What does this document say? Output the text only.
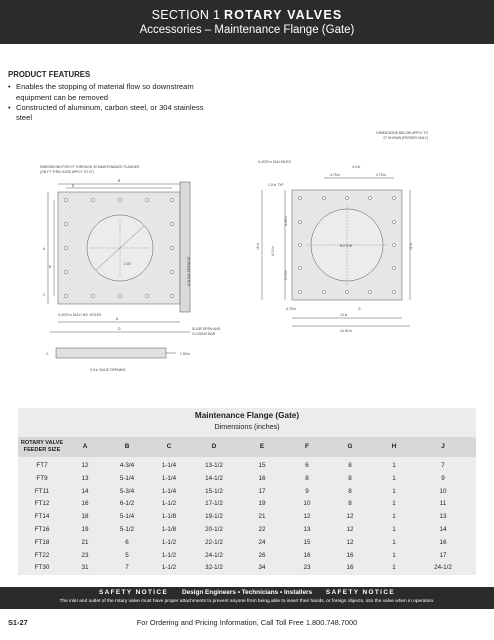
SECTION 1 ROTARY VALVES
Accessories – Maintenance Flange (Gate)
PRODUCT FEATURES
• Enables the stopping of material flow so downstream equipment can be removed
• Constructed of aluminum, carbon steel, or 304 stainless steel
DIMENSIONS BELOW APPLY TO
07 SHOWN (FEEDER ONLY)
DIMENSIONS FOR 07 THROUGH 30 MAINTENANCE FLANGES
(ON FT THRU 4/420 APPLY TO 07)
0.4375 in DIA HOLES
2.00
E
B
A
B
C
A SLIDE OPENING
0.4375 in DIA H NO. HOLES
A
D	SLIDE OPEN AND
CLOSING BAR
1.50 in
C
0.5 in SLIDE OPENING
ROTOR
3.75 in
4.0 in
3.75 in
1.0 in TYP
4.26 in
4.00 in
3.75 in
16 in	12 in
6.75 in	G
13 in
14.50 in
Maintenance Flange (Gate)
Dimensions (inches)
ROTARY VALVE
FEEDER SIZE	A	B	C	D	E	F	G	H	J
FT7	12	4-3/4	1-1/4	13-1/2	15	6	8	1	7
FT9	13	5-1/4	1-1/4	14-1/2	16	8	8	1	9
FT11	14	5-3/4	1-1/4	15-1/2	17	9	8	1	10
FT12	16	6-1/2	1-1/2	17-1/2	19	10	8	1	11
FT14	18	5-1/4	1-1/8	19-1/2	21	12	12	1	13
FT16	19	5-1/2	1-1/8	20-1/2	22	13	12	1	14
FT18	21	6	1-1/2	22-1/2	24	15	12	1	16
FT22	23	5	1-1/2	24-1/2	26	16	16	1	17
FT30	31	7	1-1/2	32-1/2	34	23	16	1	24-1/2
SAFETY NOTICE Design Engineers • Technicians • Installers SAFETY NOTICE
The inlet and outlet of the rotary valve must have proper attachments to prevent anyone from being able to insert their hands, or foreign objects, into the valve when in operation.
S1-27	For Ordering and Pricing Information, Call Toll Free 1.800.748.7000
